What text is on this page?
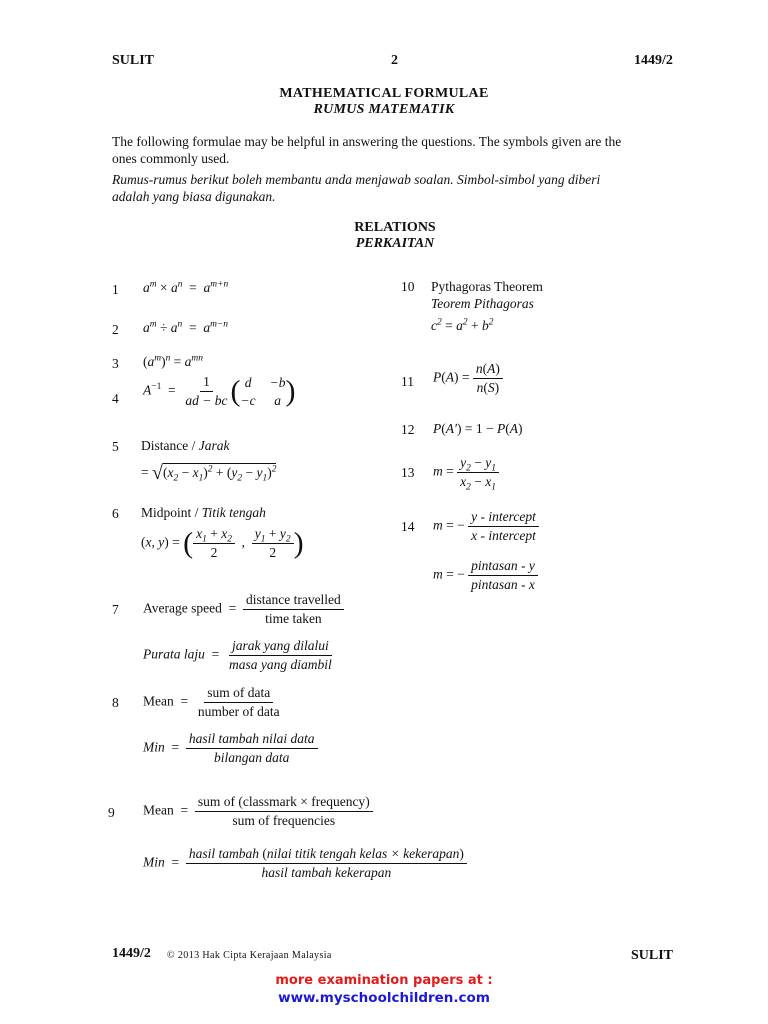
SULIT	2	1449/2
MATHEMATICAL FORMULAE
RUMUS MATEMATIK
The following formulae may be helpful in answering the questions. The symbols given are the
ones commonly used.
Rumus-rumus berikut boleh membantu anda menjawab soalan. Simbol-simbol yang diberi
adalah yang biasa digunakan.
RELATIONS
PERKAITAN
1 $a^m \times a^n = a^{m+n}$
2 $a^m \div a^n = a^{m-n}$
3 $(a^m)^n = a^{mn}$
4
$A^{-1} = \frac{1}{ad - bc}$ ( d	−b
−c	a )
5 Distance / Jarak
= $√(x_2 - x_1)^2 + (y_2 - y_1)^2$
6 Midpoint / Titik tengah
(x, y) = ( $\frac{x_1 + x_2}{2}$ , $\frac{y_1 + y_2}{2}$ )
7 Average speed  = $\frac{\text{distance travelled}}{\text{time taken}}$
Purata laju = $\frac{\text{jarak yang dilalui}}{\text{masa yang diambil}}$
8 Mean  = $\frac{\text{sum of data}}{\text{number of data}}$
Min = $\frac{\text{hasil tambah nilai data}}{\text{bilangan data}}$
9 Mean  = $\frac{\text{sum of (classmark × frequency)}}{\text{sum of frequencies}}$
Min = $\frac{\text{hasil tambah (nilai titik tengah kelas × kekerapan)}}{\text{hasil tambah kekerapan}}$
10 Pythagoras Theorem
Teorem Pithagoras
$c^2 = a^2 + b^2$
11 $P(A) = \frac{n(A)}{n(S)}$
12 P(A′) = 1 − P(A)
13 $m = \frac{y_2 - y_1}{x_2 - x_1}$
14 m = − $\frac{\text{y - intercept}}{\text{x - intercept}}$
m = − $\frac{\text{pintasan - y}}{\text{pintasan - x}}$
1449/2 © 2013 Hak Cipta Kerajaan Malaysia	SULIT
more examination papers at :
www.myschoolchildren.com
